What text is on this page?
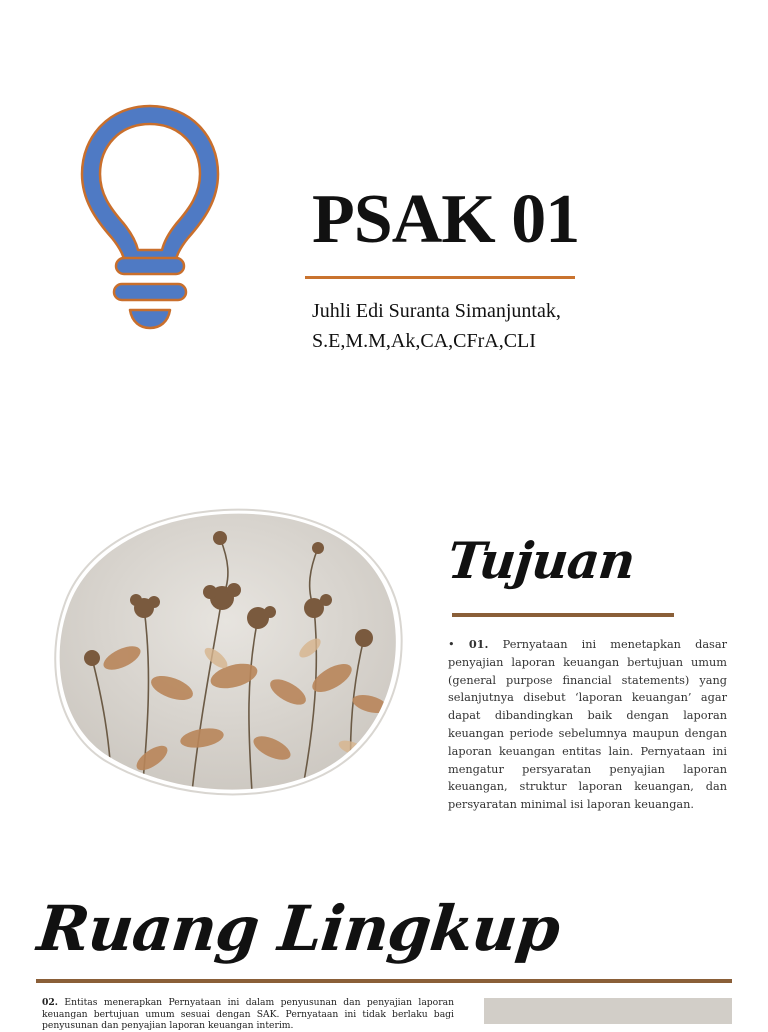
PSAK 01
Juhli Edi Suranta Simanjuntak,
S.E,M.M,Ak,CA,CFrA,CLI
Tujuan

• 01. Pernyataan ini menetapkan dasar penyajian laporan keuangan bertujuan umum (general purpose financial statements) yang selanjutnya disebut ‘laporan keuangan’ agar dapat dibandingkan baik dengan laporan keuangan periode sebelumnya maupun dengan laporan keuangan entitas lain. Pernyataan ini mengatur persyaratan penyajian laporan keuangan, struktur laporan keuangan, dan persyaratan minimal isi laporan keuangan.

Ruang Lingkup

02. Entitas menerapkan Pernyataan ini dalam penyusunan dan penyajian laporan keuangan bertujuan umum sesuai dengan SAK. Pernyataan ini tidak berlaku bagi penyusunan dan penyajian laporan keuangan interim.
